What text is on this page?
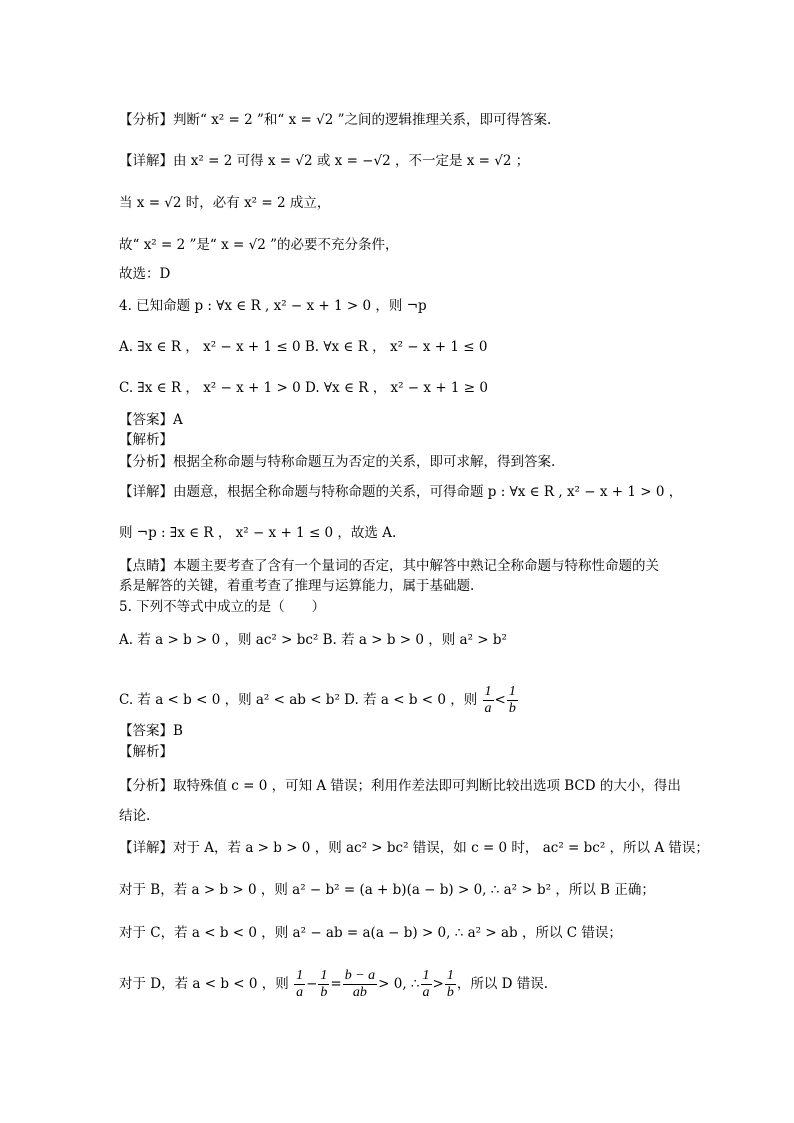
【分析】判断“ x² = 2 ”和“ x = √2 ”之间的逻辑推理关系，即可得答案.
【详解】由 x² = 2 可得 x = √2 或 x = −√2 ，不一定是 x = √2 ；
当 x = √2 时，必有 x² = 2 成立，
故“ x² = 2 ”是“ x = √2 ”的必要不充分条件，
故选：D
4. 已知命题 p : ∀x ∈ R , x² − x + 1 > 0 ，则 ¬p
A. ∃x ∈ R ， x² − x + 1 ≤ 0 B. ∀x ∈ R ， x² − x + 1 ≤ 0
C. ∃x ∈ R ， x² − x + 1 > 0 D. ∀x ∈ R ， x² − x + 1 ≥ 0
【答案】A
【解析】
【分析】根据全称命题与特称命题互为否定的关系，即可求解，得到答案.
【详解】由题意，根据全称命题与特称命题的关系，可得命题 p : ∀x ∈ R , x² − x + 1 > 0 ，
则 ¬p : ∃x ∈ R ， x² − x + 1 ≤ 0 ，故选 A.
【点睛】本题主要考查了含有一个量词的否定，其中解答中熟记全称命题与特称性命题的关
系是解答的关键，着重考查了推理与运算能力，属于基础题.
5. 下列不等式中成立的是（　　）
A. 若 a > b > 0 ，则 ac² > bc² B. 若 a > b > 0 ，则 a² > b²
C. 若 a < b < 0 ，则 a² < ab < b² D. 若 a < b < 0 ，则 $\frac{1}{a} < \frac{1}{b}$
【答案】B
【解析】
【分析】取特殊值 c = 0 ，可知 A 错误；利用作差法即可判断比较出选项 BCD 的大小，得出
结论.
【详解】对于 A，若 a > b > 0 ，则 ac² > bc² 错误，如 c = 0 时， ac² = bc² ，所以 A 错误；
对于 B，若 a > b > 0 ，则 a² − b² = (a + b)(a − b) > 0, ∴ a² > b² ，所以 B 正确；
对于 C，若 a < b < 0 ，则 a² − ab = a(a − b) > 0, ∴ a² > ab ，所以 C 错误；
对于 D，若 a < b < 0 ，则 $\frac{1}{a} - \frac{1}{b} = \frac{b - a}{ab} > 0$, ∴ $\frac{1}{a} > \frac{1}{b}$ ，所以 D 错误.
